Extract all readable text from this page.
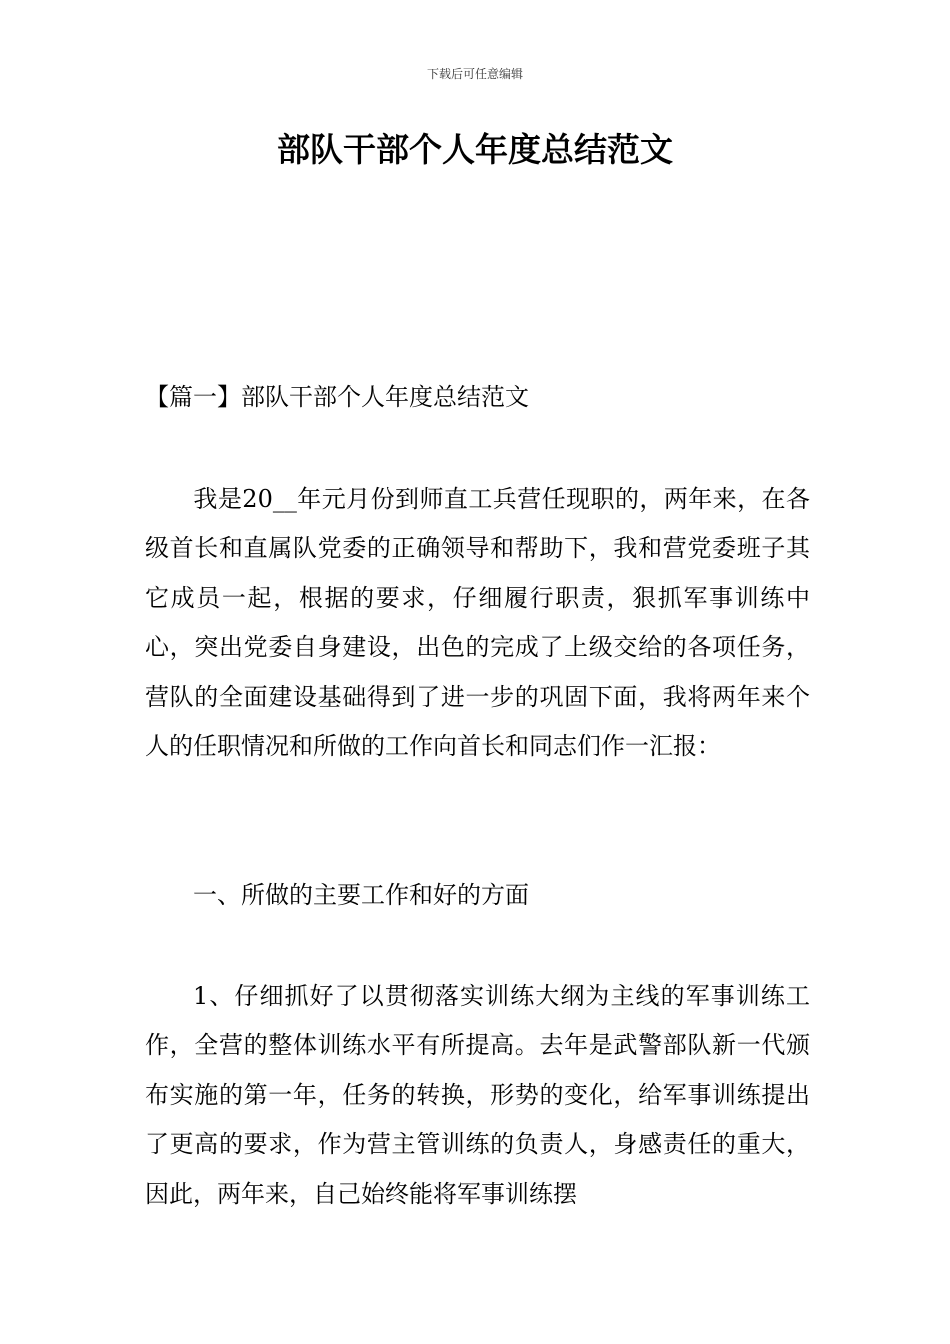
下载后可任意编辑
部队干部个人年度总结范文
【篇一】部队干部个人年度总结范文

我是20__年元月份到师直工兵营任现职的，两年来，在各级首长和直属队党委的正确领导和帮助下，我和营党委班子其它成员一起，根据的要求，仔细履行职责，狠抓军事训练中心，突出党委自身建设，出色的完成了上级交给的各项任务，营队的全面建设基础得到了进一步的巩固下面，我将两年来个人的任职情况和所做的工作向首长和同志们作一汇报：

一、所做的主要工作和好的方面

1、仔细抓好了以贯彻落实训练大纲为主线的军事训练工作，全营的整体训练水平有所提高。去年是武警部队新一代颁布实施的第一年，任务的转换，形势的变化，给军事训练提出了更高的要求，作为营主管训练的负责人，身感责任的重大，因此，两年来，自己始终能将军事训练摆
